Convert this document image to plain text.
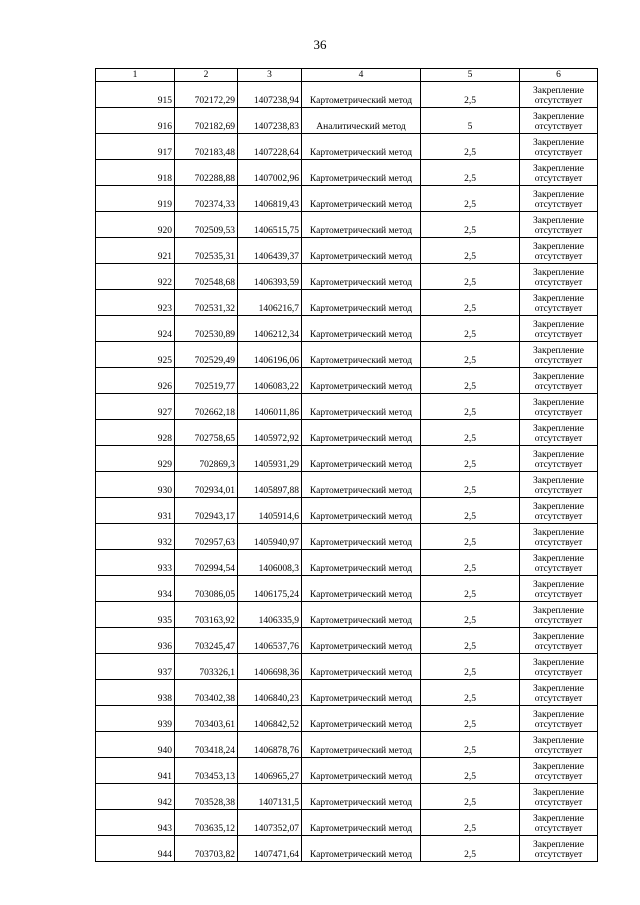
36
1	2	3	4	5	6
915	702172,29	1407238,94	Картометрический метод	2,5	Закрепление отсутствует
916	702182,69	1407238,83	Аналитический метод	5	Закрепление отсутствует
917	702183,48	1407228,64	Картометрический метод	2,5	Закрепление отсутствует
918	702288,88	1407002,96	Картометрический метод	2,5	Закрепление отсутствует
919	702374,33	1406819,43	Картометрический метод	2,5	Закрепление отсутствует
920	702509,53	1406515,75	Картометрический метод	2,5	Закрепление отсутствует
921	702535,31	1406439,37	Картометрический метод	2,5	Закрепление отсутствует
922	702548,68	1406393,59	Картометрический метод	2,5	Закрепление отсутствует
923	702531,32	1406216,7	Картометрический метод	2,5	Закрепление отсутствует
924	702530,89	1406212,34	Картометрический метод	2,5	Закрепление отсутствует
925	702529,49	1406196,06	Картометрический метод	2,5	Закрепление отсутствует
926	702519,77	1406083,22	Картометрический метод	2,5	Закрепление отсутствует
927	702662,18	1406011,86	Картометрический метод	2,5	Закрепление отсутствует
928	702758,65	1405972,92	Картометрический метод	2,5	Закрепление отсутствует
929	702869,3	1405931,29	Картометрический метод	2,5	Закрепление отсутствует
930	702934,01	1405897,88	Картометрический метод	2,5	Закрепление отсутствует
931	702943,17	1405914,6	Картометрический метод	2,5	Закрепление отсутствует
932	702957,63	1405940,97	Картометрический метод	2,5	Закрепление отсутствует
933	702994,54	1406008,3	Картометрический метод	2,5	Закрепление отсутствует
934	703086,05	1406175,24	Картометрический метод	2,5	Закрепление отсутствует
935	703163,92	1406335,9	Картометрический метод	2,5	Закрепление отсутствует
936	703245,47	1406537,76	Картометрический метод	2,5	Закрепление отсутствует
937	703326,1	1406698,36	Картометрический метод	2,5	Закрепление отсутствует
938	703402,38	1406840,23	Картометрический метод	2,5	Закрепление отсутствует
939	703403,61	1406842,52	Картометрический метод	2,5	Закрепление отсутствует
940	703418,24	1406878,76	Картометрический метод	2,5	Закрепление отсутствует
941	703453,13	1406965,27	Картометрический метод	2,5	Закрепление отсутствует
942	703528,38	1407131,5	Картометрический метод	2,5	Закрепление отсутствует
943	703635,12	1407352,07	Картометрический метод	2,5	Закрепление отсутствует
944	703703,82	1407471,64	Картометрический метод	2,5	Закрепление отсутствует
